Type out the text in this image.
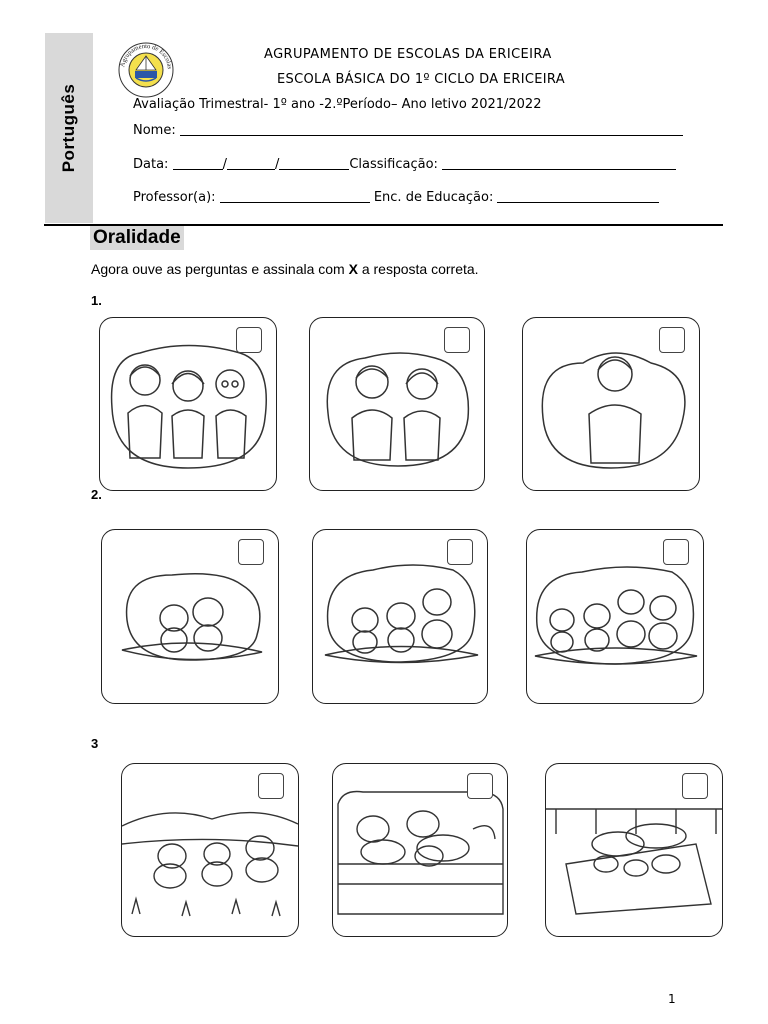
Português
Agrupamento de Escolas
AGRUPAMENTO DE ESCOLAS DA ERICEIRA
ESCOLA BÁSICA DO 1º CICLO DA ERICEIRA
Avaliação Trimestral- 1º ano -2.ºPeríodo– Ano letivo 2021/2022
Nome:
Data:	/	/	Classificação:
Professor(a):	Enc. de Educação:
Oralidade
Agora ouve as perguntas e assinala com X a resposta correta.
1.
2.
3
1
